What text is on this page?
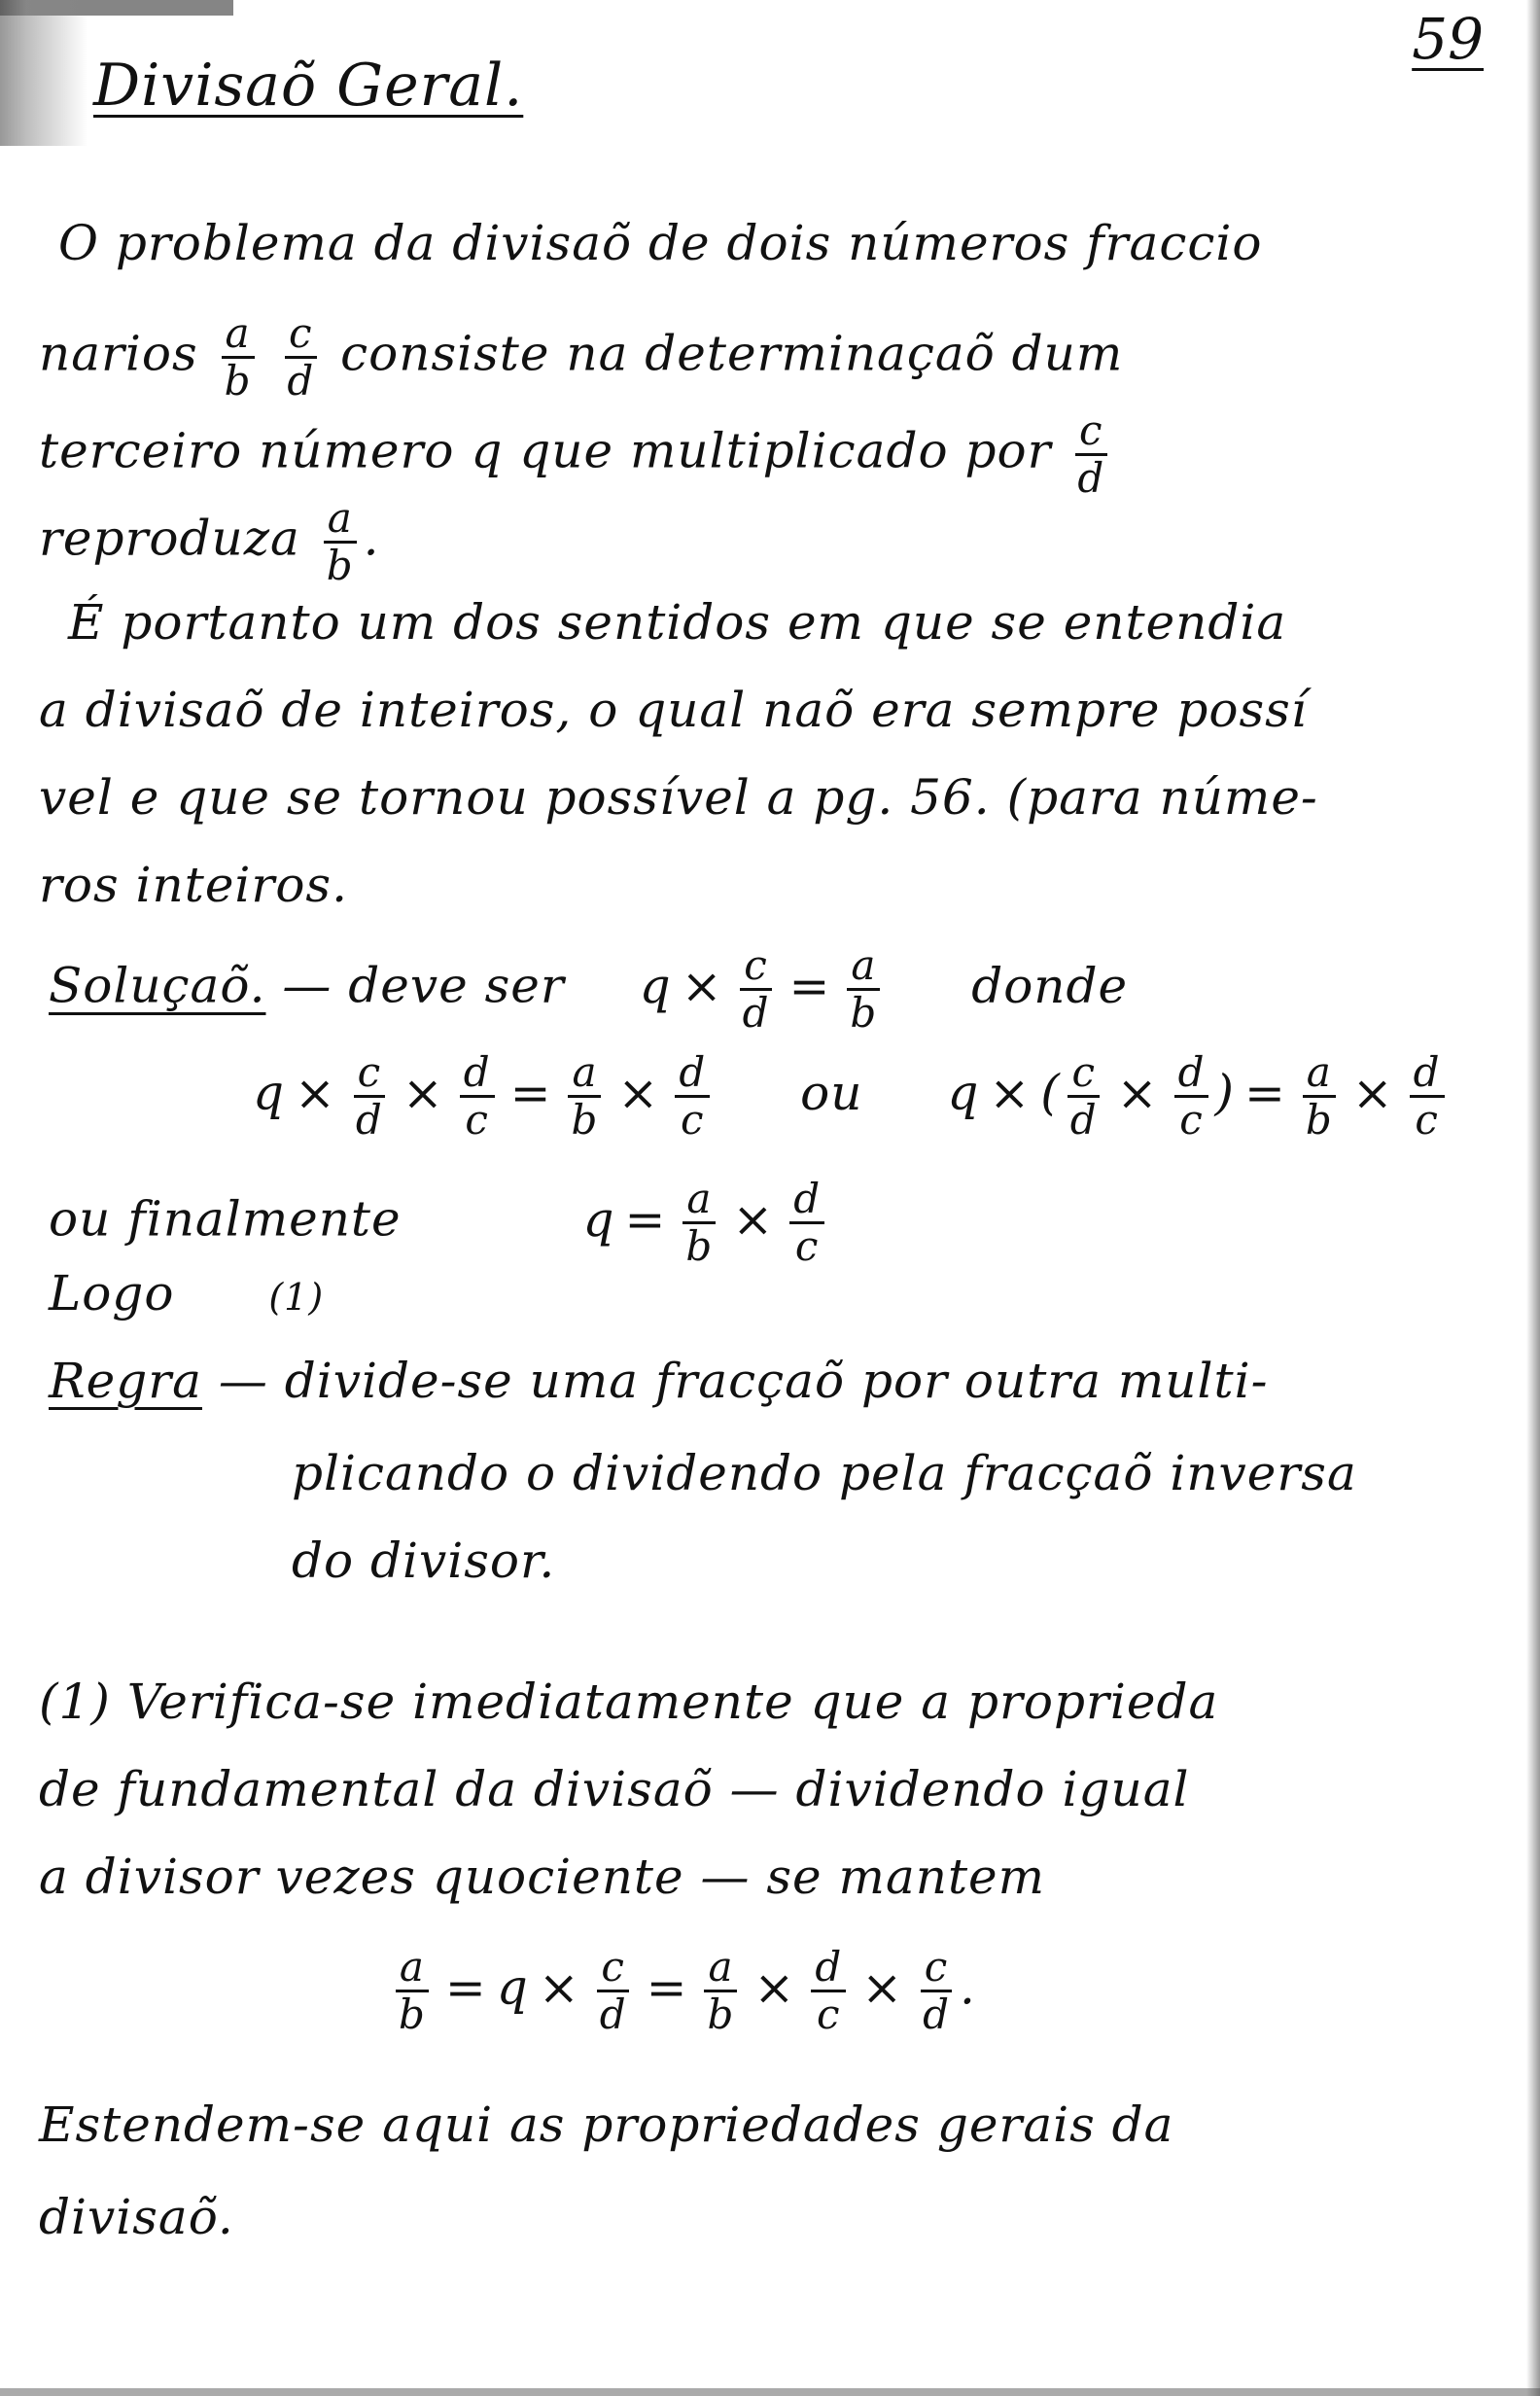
59
Divisaõ Geral.
O problema da divisaõ de dois números fraccio
narios $\frac{a}{b}$
$\frac{c}{d}$ consiste na determinaçaõ dum
terceiro número q que multiplicado por $\frac{c}{d}$
reproduza $\frac{a}{b}$ .
É portanto um dos sentidos em que se entendia
a divisaõ de inteiros, o qual naõ era sempre possí
vel e que se tornou possível a pg. 56. (para núme-
ros inteiros.
Soluçaõ. — deve ser $q \times \frac{c}{d} = \frac{a}{b}$ donde
$q \times \frac{c}{d} \times \frac{d}{c} = \frac{a}{b} \times \frac{d}{c}$ ou q × ( $\frac{c}{d} \times \frac{d}{c}$ ) = $\frac{a}{b} \times \frac{d}{c}$
ou finalmente	$q = \frac{a}{b} \times \frac{d}{c}$
Logo	(1)
Regra — divide-se uma fracçaõ por outra multi-
plicando o dividendo pela fracçaõ inversa
do divisor.
(1) Verifica-se imediatamente que a proprieda
de fundamental da divisaõ — dividendo igual
a divisor vezes quociente — se mantem
$\frac{a}{b} = q \times \frac{c}{d} = \frac{a}{b} \times \frac{d}{c} \times \frac{c}{d}$ .
Estendem-se aqui as propriedades gerais da
divisaõ.
